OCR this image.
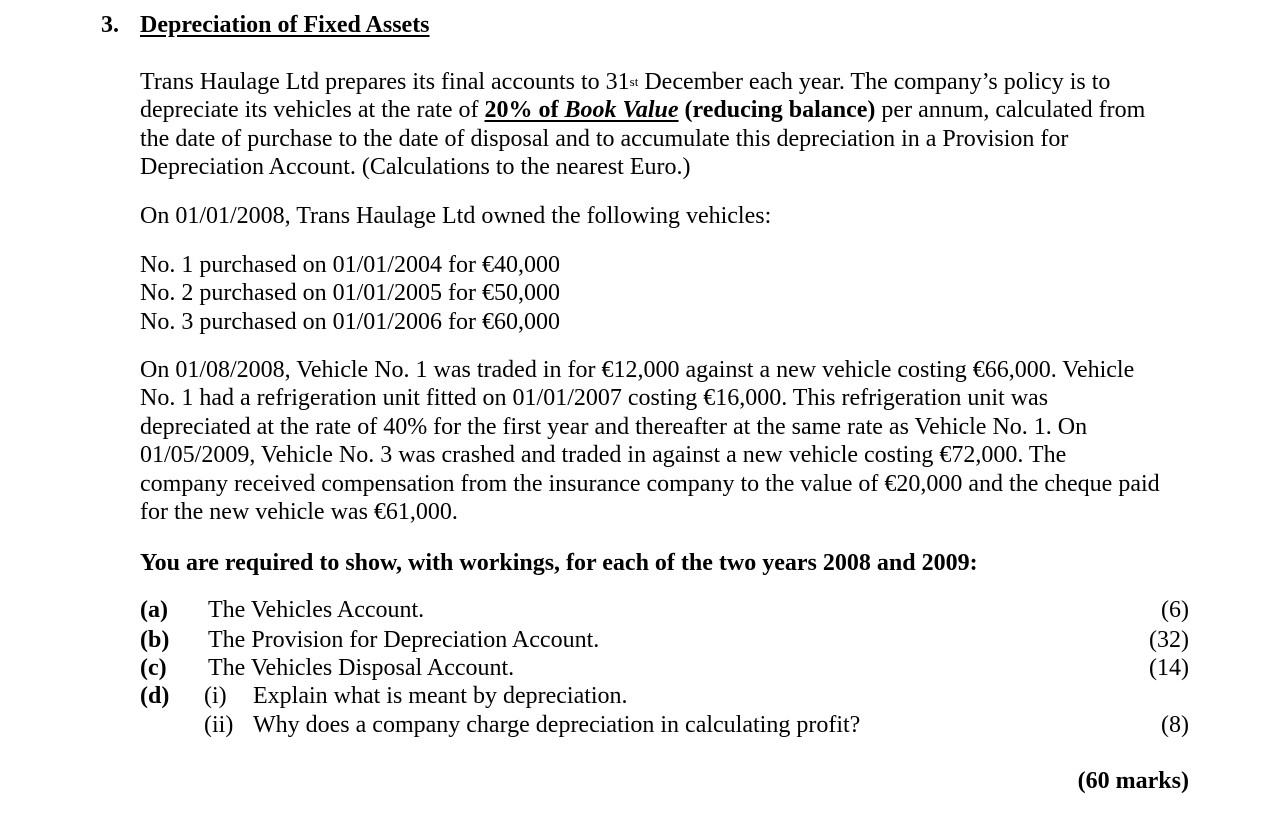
3. Depreciation of Fixed Assets
Trans Haulage Ltd prepares its final accounts to 31st December each year. The company’s policy is to
depreciate its vehicles at the rate of 20% of Book Value (reducing balance) per annum, calculated from
the date of purchase to the date of disposal and to accumulate this depreciation in a Provision for
Depreciation Account. (Calculations to the nearest Euro.)
On 01/01/2008, Trans Haulage Ltd owned the following vehicles:
No. 1 purchased on 01/01/2004 for €40,000
No. 2 purchased on 01/01/2005 for €50,000
No. 3 purchased on 01/01/2006 for €60,000
On 01/08/2008, Vehicle No. 1 was traded in for €12,000 against a new vehicle costing €66,000. Vehicle
No. 1 had a refrigeration unit fitted on 01/01/2007 costing €16,000. This refrigeration unit was
depreciated at the rate of 40% for the first year and thereafter at the same rate as Vehicle No. 1. On
01/05/2009, Vehicle No. 3 was crashed and traded in against a new vehicle costing €72,000. The
company received compensation from the insurance company to the value of €20,000 and the cheque paid
for the new vehicle was €61,000.
You are required to show, with workings, for each of the two years 2008 and 2009:
(a) The Vehicles Account.	(6)
(b) The Provision for Depreciation Account.	(32)
(c) The Vehicles Disposal Account.	(14)
(d) (i) Explain what is meant by depreciation.
(ii) Why does a company charge depreciation in calculating profit?	(8)
(60 marks)
